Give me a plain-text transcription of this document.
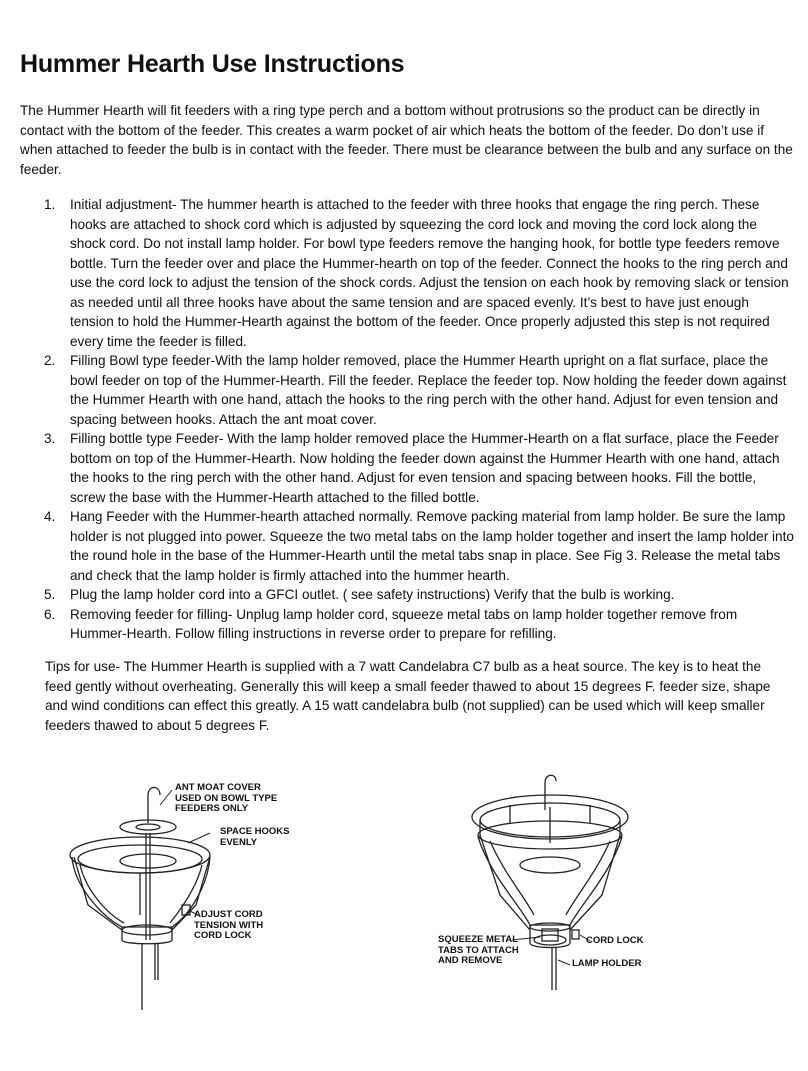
Hummer Hearth Use Instructions

The Hummer Hearth will fit feeders with a ring type perch and a bottom without protrusions so the product can be directly in contact with the bottom of the feeder. This creates a warm pocket of air which heats the bottom of the feeder. Do don’t use if when attached to feeder the bulb is in contact with the feeder. There must be clearance between the bulb and any surface on the feeder.

1. Initial adjustment- The hummer hearth is attached to the feeder with three hooks that engage the ring perch. These hooks are attached to shock cord which is adjusted by squeezing the cord lock and moving the cord lock along the shock cord. Do not install lamp holder. For bowl type feeders remove the hanging hook, for bottle type feeders remove bottle. Turn the feeder over and place the Hummer-hearth on top of the feeder. Connect the hooks to the ring perch and use the cord lock to adjust the tension of the shock cords. Adjust the tension on each hook by removing slack or tension as needed until all three hooks have about the same tension and are spaced evenly. It’s best to have just enough tension to hold the Hummer-Hearth against the bottom of the feeder. Once properly adjusted this step is not required every time the feeder is filled.
2. Filling Bowl type feeder-With the lamp holder removed, place the Hummer Hearth upright on a flat surface, place the bowl feeder on top of the Hummer-Hearth. Fill the feeder. Replace the feeder top. Now holding the feeder down against the Hummer Hearth with one hand, attach the hooks to the ring perch with the other hand. Adjust for even tension and spacing between hooks. Attach the ant moat cover.
3. Filling bottle type Feeder- With the lamp holder removed place the Hummer-Hearth on a flat surface, place the Feeder bottom on top of the Hummer-Hearth. Now holding the feeder down against the Hummer Hearth with one hand, attach the hooks to the ring perch with the other hand. Adjust for even tension and spacing between hooks. Fill the bottle, screw the base with the Hummer-Hearth attached to the filled bottle.
4. Hang Feeder with the Hummer-hearth attached normally. Remove packing material from lamp holder. Be sure the lamp holder is not plugged into power. Squeeze the two metal tabs on the lamp holder together and insert the lamp holder into the round hole in the base of the Hummer-Hearth until the metal tabs snap in place. See Fig 3. Release the metal tabs and check that the lamp holder is firmly attached into the hummer hearth.
5. Plug the lamp holder cord into a GFCI outlet. ( see safety instructions) Verify that the bulb is working.
6. Removing feeder for filling- Unplug lamp holder cord, squeeze metal tabs on lamp holder together remove from Hummer-Hearth. Follow filling instructions in reverse order to prepare for refilling.

Tips for use- The Hummer Hearth is supplied with a 7 watt Candelabra C7 bulb as a heat source. The key is to heat the feed gently without overheating. Generally this will keep a small feeder thawed to about 15 degrees F. feeder size, shape and wind conditions can effect this greatly. A 15 watt candelabra bulb (not supplied) can be used which will keep smaller feeders thawed to about 5 degrees F.

ANT MOAT COVER
USED ON BOWL TYPE
FEEDERS ONLY
SPACE HOOKS
EVENLY
ADJUST CORD
TENSION WITH
CORD LOCK	SQUEEZE METAL
TABS TO ATTACH
AND REMOVE
CORD LOCK
LAMP HOLDER
